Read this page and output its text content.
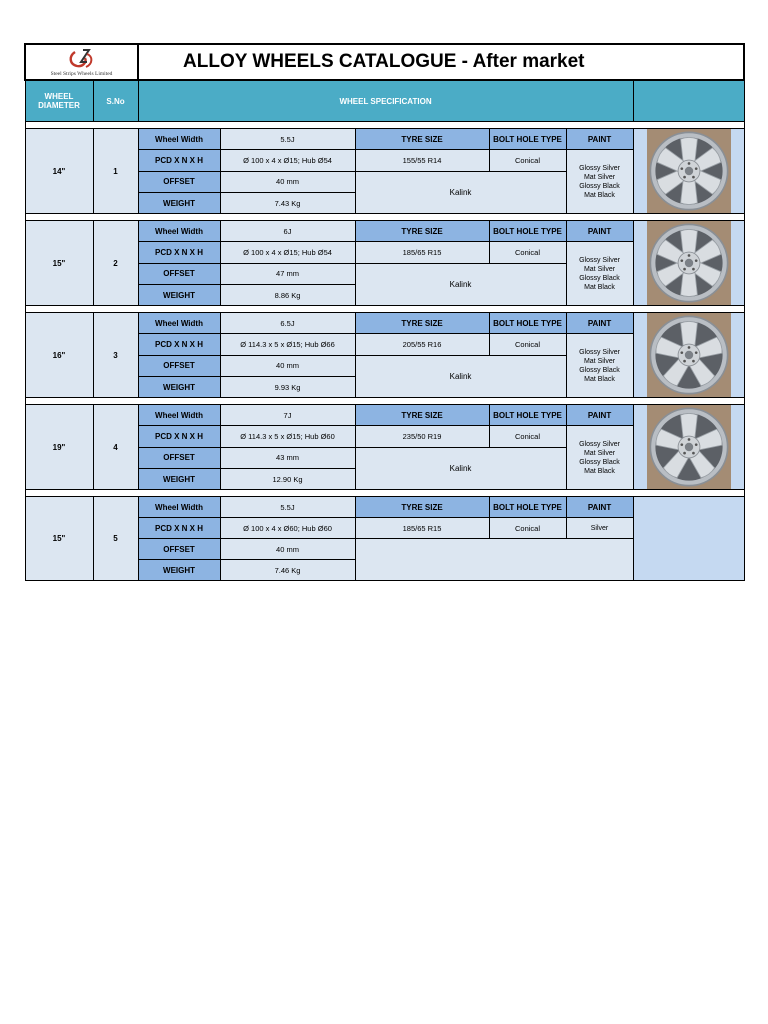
Steel Strips Wheels Limited		ALLOY WHEELS CATALOGUE - After market					
WHEEL DIAMETER	S.No	WHEEL SPECIFICATION					

14"	1	Wheel Width	5.5J	TYRE SIZE	BOLT HOLE TYPE	PAINT	

		PCD X N X H	Ø 100 x 4 x Ø15; Hub Ø54	155/55 R14	Conical	Glossy Silver
Mat Silver
Glossy Black
Mat Black	

		OFFSET	40 mm	Kalink			
		WEIGHT	7.43 Kg				

15"	2	Wheel Width	6J	TYRE SIZE	BOLT HOLE TYPE	PAINT	

		PCD X N X H	Ø 100 x 4 x Ø15; Hub Ø54	185/65 R15	Conical	Glossy Silver
Mat Silver
Glossy Black
Mat Black	

		OFFSET	47 mm	Kalink			
		WEIGHT	8.86 Kg				

16"	3	Wheel Width	6.5J	TYRE SIZE	BOLT HOLE TYPE	PAINT	

		PCD X N X H	Ø 114.3 x 5 x Ø15; Hub Ø66	205/55 R16	Conical	Glossy Silver
Mat Silver
Glossy Black
Mat Black	

		OFFSET	40 mm	Kalink			
		WEIGHT	9.93 Kg				

19"	4	Wheel Width	7J	TYRE SIZE	BOLT HOLE TYPE	PAINT	

		PCD X N X H	Ø 114.3 x 5 x Ø15; Hub Ø60	235/50 R19	Conical	Glossy Silver
Mat Silver
Glossy Black
Mat Black	

		OFFSET	43 mm	Kalink			
		WEIGHT	12.90 Kg				

15"	5	Wheel Width	5.5J	TYRE SIZE	BOLT HOLE TYPE	PAINT	
		PCD X N X H	Ø 100 x 4 x Ø60; Hub Ø60	185/65 R15	Conical	Silver	

		OFFSET	40 mm				
		WEIGHT	7.46 Kg				
